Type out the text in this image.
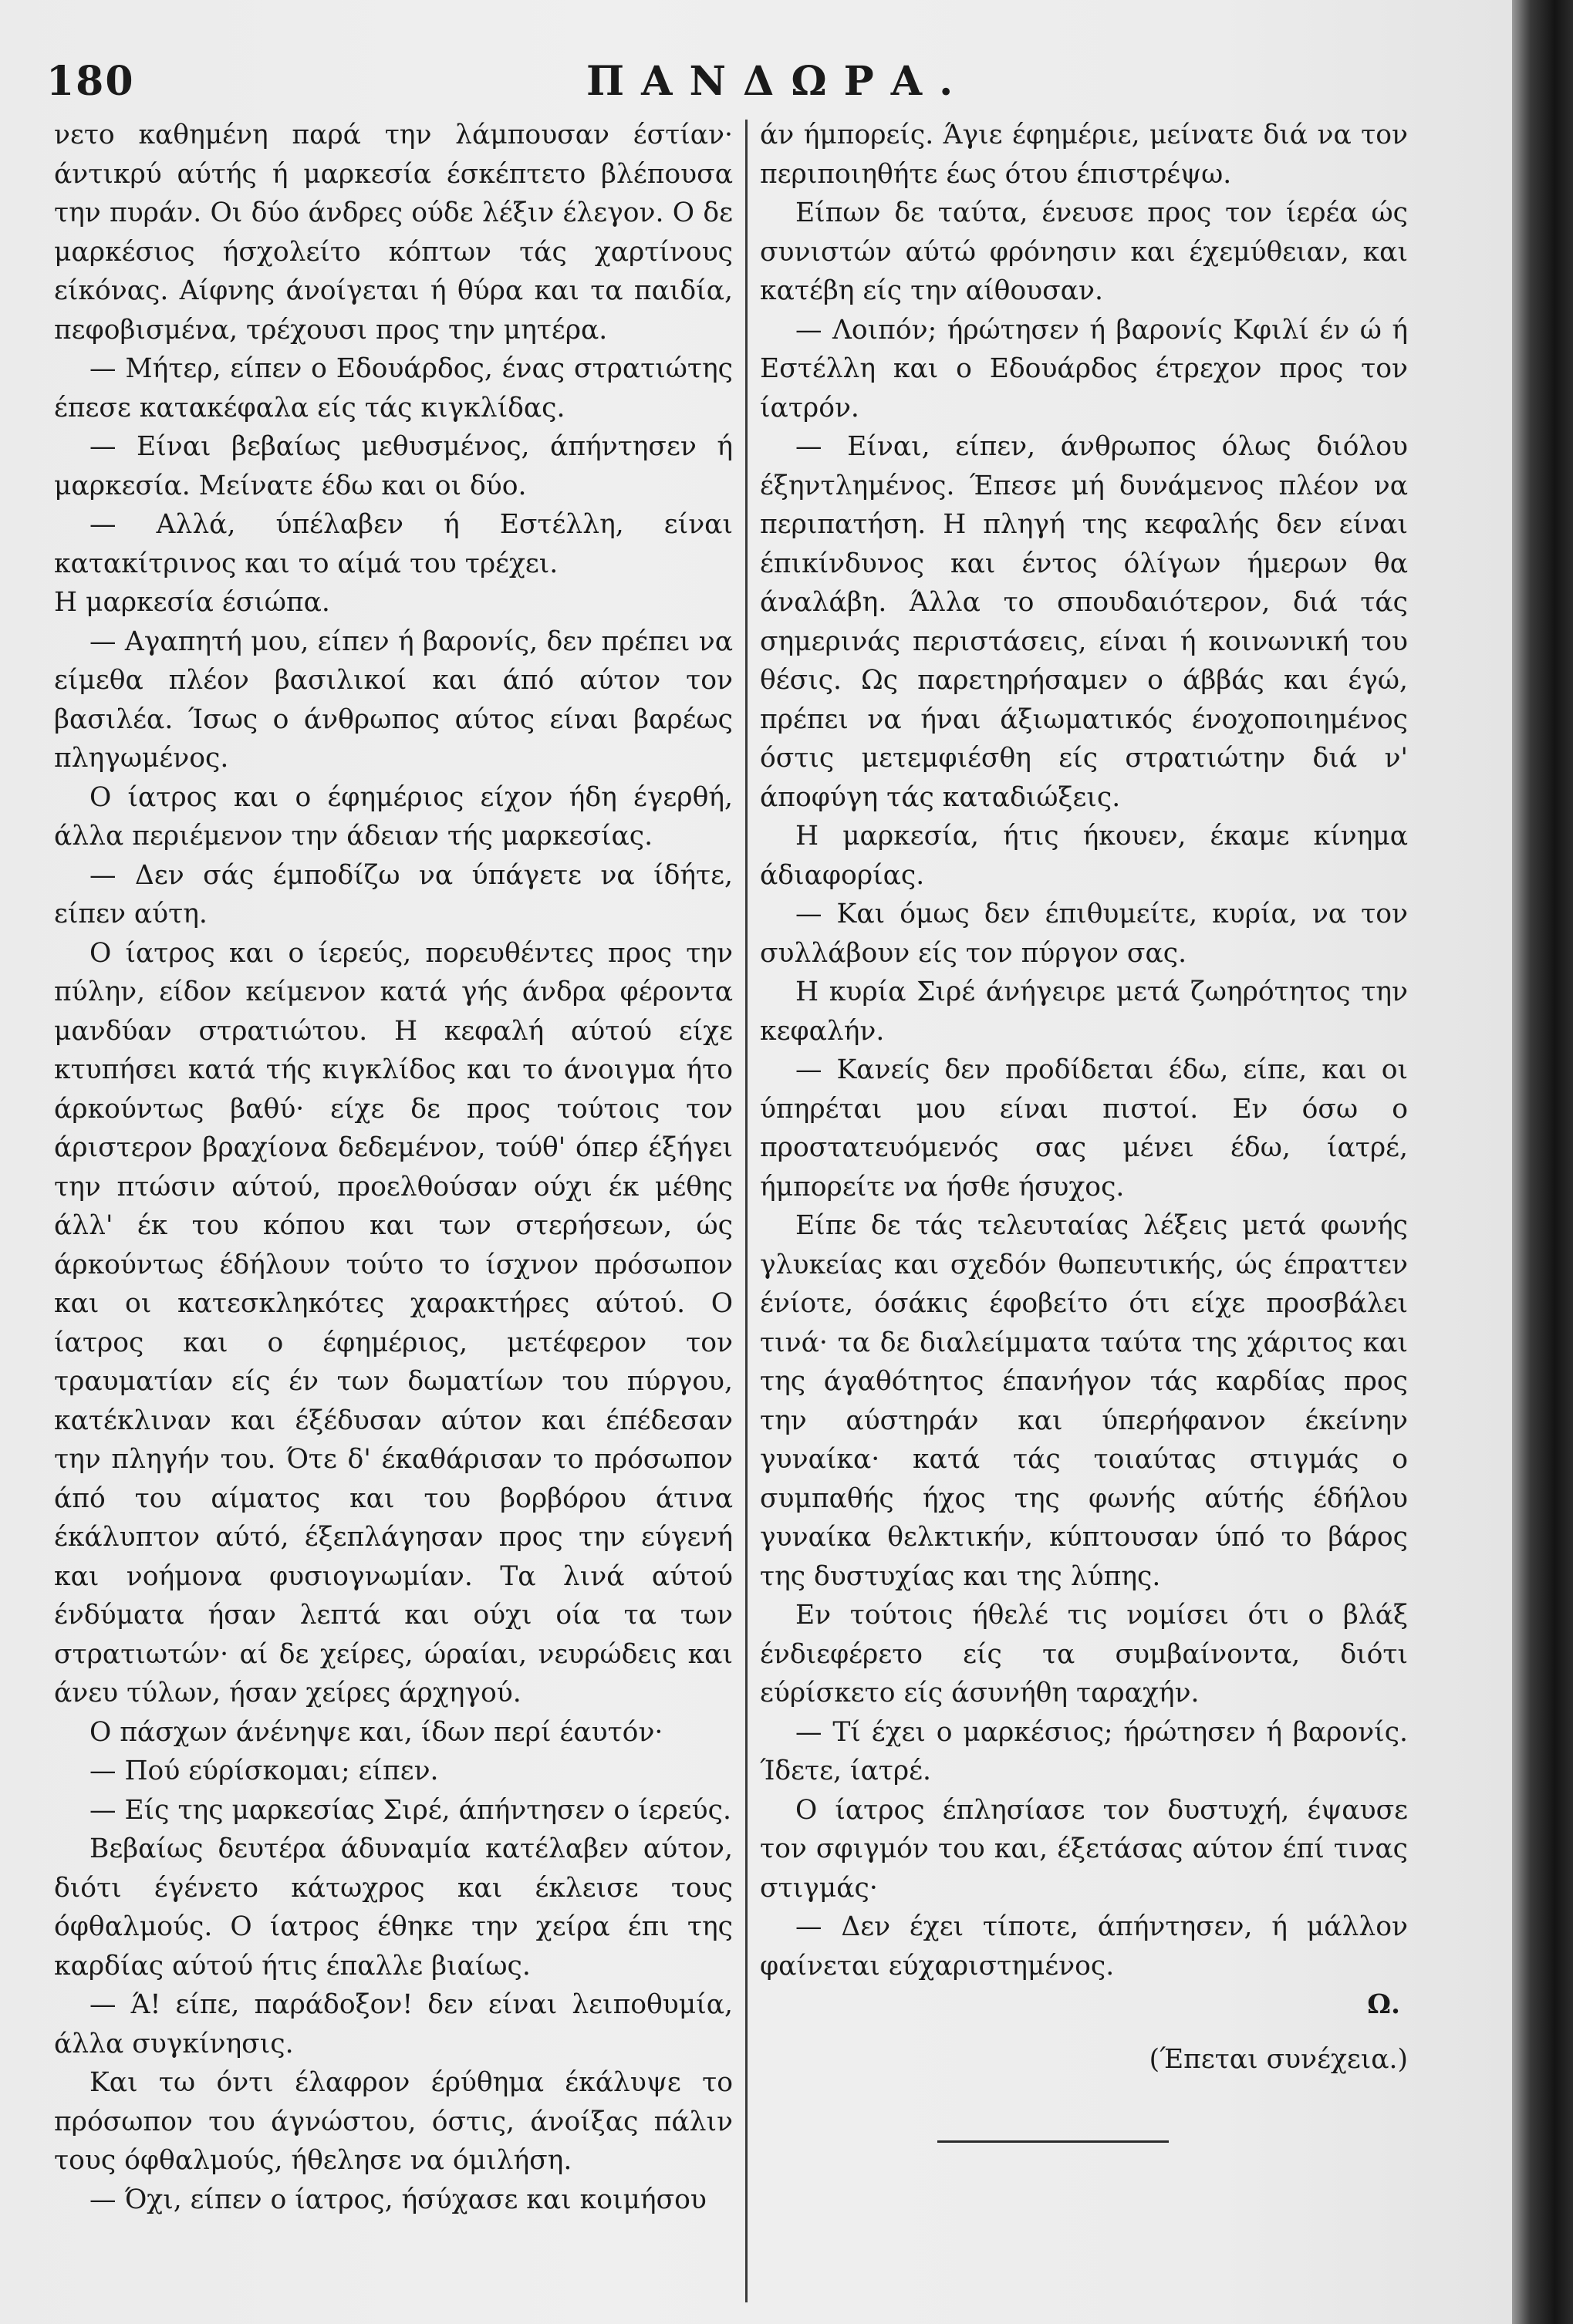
180	ΠΑΝΔΩΡΑ.

νετο καθημένη παρά την λάμπουσαν έστίαν· άντικρύ αύτής ή μαρκεσία έσκέπτετο βλέπουσα την πυράν. Οι δύο άνδρες ούδε λέξιν έλεγον. Ο δε μαρκέσιος ήσχολείτο κόπτων τάς χαρτίνους είκόνας. Αίφνης άνοίγεται ή θύρα και τα παιδία, πεφοβισμένα, τρέχουσι προς την μητέρα.

— Μήτερ, είπεν ο Εδουάρδος, ένας στρατιώτης έπεσε κατακέφαλα είς τάς κιγκλίδας.

— Είναι βεβαίως μεθυσμένος, άπήντησεν ή μαρκεσία. Μείνατε έδω και οι δύο.

— Αλλά, ύπέλαβεν ή Εστέλλη, είναι κατακίτρινος και το αίμά του τρέχει.

Η μαρκεσία έσιώπα.

— Αγαπητή μου, είπεν ή βαρονίς, δεν πρέπει να είμεθα πλέον βασιλικοί και άπό αύτον τον βασιλέα. Ίσως ο άνθρωπος αύτος είναι βαρέως πληγωμένος.

Ο ίατρος και ο έφημέριος είχον ήδη έγερθή, άλλα περιέμενον την άδειαν τής μαρκεσίας.

— Δεν σάς έμποδίζω να ύπάγετε να ίδήτε, είπεν αύτη.

Ο ίατρος και ο ίερεύς, πορευθέντες προς την πύλην, είδον κείμενον κατά γής άνδρα φέροντα μανδύαν στρατιώτου. Η κεφαλή αύτού είχε κτυπήσει κατά τής κιγκλίδος και το άνοιγμα ήτο άρκούντως βαθύ· είχε δε προς τούτοις τον άριστερον βραχίονα δεδεμένον, τούθ' όπερ έξήγει την πτώσιν αύτού, προελθούσαν ούχι έκ μέθης άλλ' έκ του κόπου και των στερήσεων, ώς άρκούντως έδήλουν τούτο το ίσχνον πρόσωπον και οι κατεσκληκότες χαρακτήρες αύτού. Ο ίατρος και ο έφημέριος, μετέφερον τον τραυματίαν είς έν των δωματίων του πύργου, κατέκλιναν και έξέδυσαν αύτον και έπέδεσαν την πληγήν του. Ότε δ' έκαθάρισαν το πρόσωπον άπό του αίματος και του βορβόρου άτινα έκάλυπτον αύτό, έξεπλάγησαν προς την εύγενή και νοήμονα φυσιογνωμίαν. Τα λινά αύτού ένδύματα ήσαν λεπτά και ούχι οία τα των στρατιωτών· αί δε χείρες, ώραίαι, νευρώδεις και άνευ τύλων, ήσαν χείρες άρχηγού.

Ο πάσχων άνένηψε και, ίδων περί έαυτόν·

— Πού εύρίσκομαι; είπεν.

— Είς της μαρκεσίας Σιρέ, άπήντησεν ο ίερεύς.

Βεβαίως δευτέρα άδυναμία κατέλαβεν αύτον, διότι έγένετο κάτωχρος και έκλεισε τους όφθαλμούς. Ο ίατρος έθηκε την χείρα έπι της καρδίας αύτού ήτις έπαλλε βιαίως.

— Ά! είπε, παράδοξον! δεν είναι λειποθυμία, άλλα συγκίνησις.

Και τω όντι έλαφρον έρύθημα έκάλυψε το πρόσωπον του άγνώστου, όστις, άνοίξας πάλιν τους όφθαλμούς, ήθελησε να όμιλήση.

— Όχι, είπεν ο ίατρος, ήσύχασε και κοιμήσου

άν ήμπορείς. Άγιε έφημέριε, μείνατε διά να τον περιποιηθήτε έως ότου έπιστρέψω.

Είπων δε ταύτα, ένευσε προς τον ίερέα ώς συνιστών αύτώ φρόνησιν και έχεμύθειαν, και κατέβη είς την αίθουσαν.

— Λοιπόν; ήρώτησεν ή βαρονίς Κφιλί έν ώ ή Εστέλλη και ο Εδουάρδος έτρεχον προς τον ίατρόν.

— Είναι, είπεν, άνθρωπος όλως διόλου έξηντλημένος. Έπεσε μή δυνάμενος πλέον να περιπατήση. Η πληγή της κεφαλής δεν είναι έπικίνδυνος και έντος όλίγων ήμερων θα άναλάβη. Άλλα το σπουδαιότερον, διά τάς σημερινάς περιστάσεις, είναι ή κοινωνική του θέσις. Ως παρετηρήσαμεν ο άββάς και έγώ, πρέπει να ήναι άξιωματικός ένοχοποιημένος όστις μετεμφιέσθη είς στρατιώτην διά ν' άποφύγη τάς καταδιώξεις.

Η μαρκεσία, ήτις ήκουεν, έκαμε κίνημα άδιαφορίας.

— Και όμως δεν έπιθυμείτε, κυρία, να τον συλλάβουν είς τον πύργον σας.

Η κυρία Σιρέ άνήγειρε μετά ζωηρότητος την κεφαλήν.

— Κανείς δεν προδίδεται έδω, είπε, και οι ύπηρέται μου είναι πιστοί. Εν όσω ο προστατευόμενός σας μένει έδω, ίατρέ, ήμπορείτε να ήσθε ήσυχος.

Είπε δε τάς τελευταίας λέξεις μετά φωνής γλυκείας και σχεδόν θωπευτικής, ώς έπραττεν ένίοτε, όσάκις έφοβείτο ότι είχε προσβάλει τινά· τα δε διαλείμματα ταύτα της χάριτος και της άγαθότητος έπανήγον τάς καρδίας προς την αύστηράν και ύπερήφανον έκείνην γυναίκα· κατά τάς τοιαύτας στιγμάς ο συμπαθής ήχος της φωνής αύτής έδήλου γυναίκα θελκτικήν, κύπτουσαν ύπό το βάρος της δυστυχίας και της λύπης.

Εν τούτοις ήθελέ τις νομίσει ότι ο βλάξ ένδιεφέρετο είς τα συμβαίνοντα, διότι εύρίσκετο είς άσυνήθη ταραχήν.

— Τί έχει ο μαρκέσιος; ήρώτησεν ή βαρονίς. Ίδετε, ίατρέ.

Ο ίατρος έπλησίασε τον δυστυχή, έψαυσε τον σφιγμόν του και, έξετάσας αύτον έπί τινας στιγμάς·

— Δεν έχει τίποτε, άπήντησεν, ή μάλλον φαίνεται εύχαριστημένος.

Ω.

(Έπεται συνέχεια.)
